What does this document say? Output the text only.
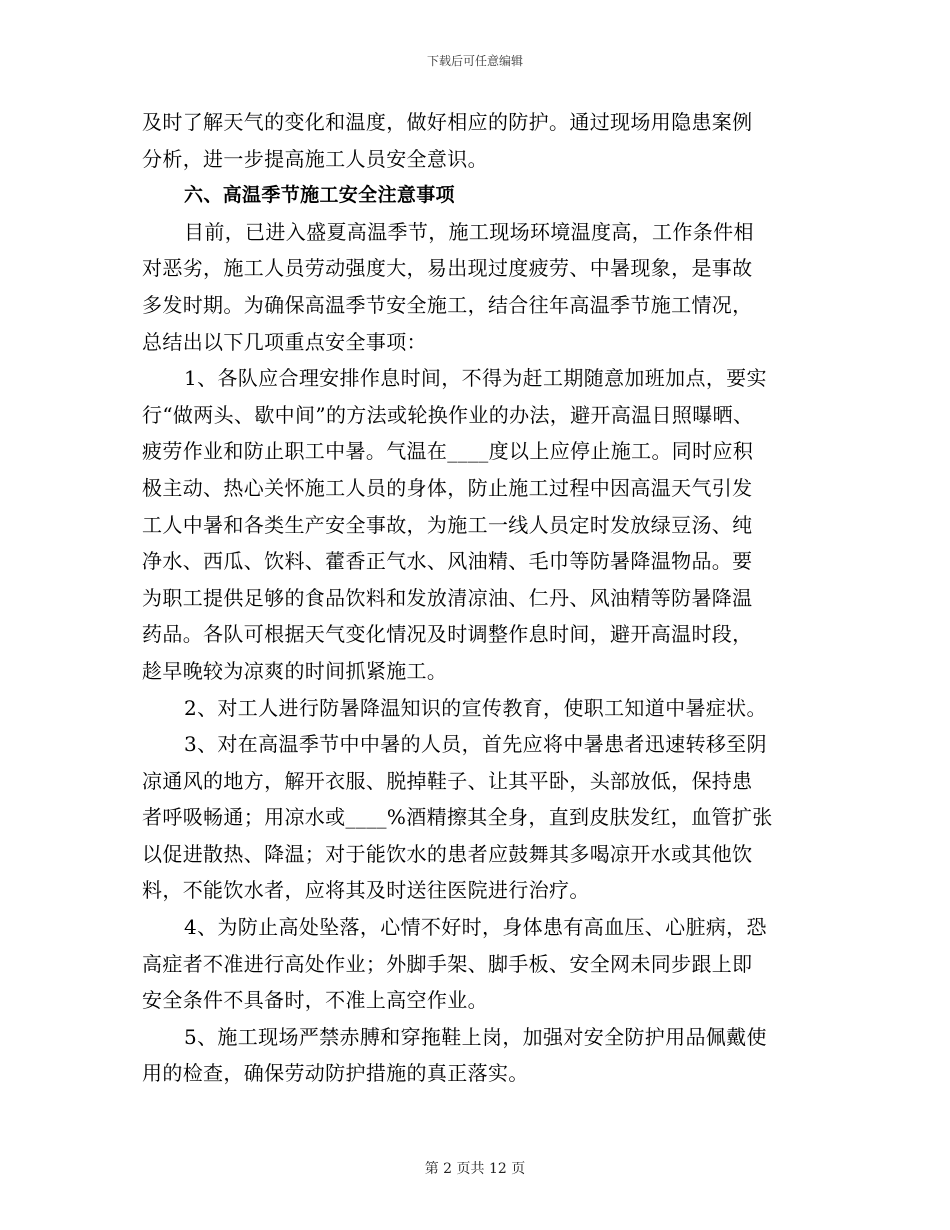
下载后可任意编辑
及时了解天气的变化和温度，做好相应的防护。通过现场用隐患案例
分析，进一步提高施工人员安全意识。
六、高温季节施工安全注意事项
目前，已进入盛夏高温季节，施工现场环境温度高，工作条件相
对恶劣，施工人员劳动强度大，易出现过度疲劳、中暑现象，是事故
多发时期。为确保高温季节安全施工，结合往年高温季节施工情况，
总结出以下几项重点安全事项：
1、各队应合理安排作息时间，不得为赶工期随意加班加点，要实
行“做两头、歇中间”的方法或轮换作业的办法，避开高温日照曝晒、
疲劳作业和防止职工中暑。气温在____度以上应停止施工。同时应积
极主动、热心关怀施工人员的身体，防止施工过程中因高温天气引发
工人中暑和各类生产安全事故，为施工一线人员定时发放绿豆汤、纯
净水、西瓜、饮料、藿香正气水、风油精、毛巾等防暑降温物品。要
为职工提供足够的食品饮料和发放清凉油、仁丹、风油精等防暑降温
药品。各队可根据天气变化情况及时调整作息时间，避开高温时段，
趁早晚较为凉爽的时间抓紧施工。
2、对工人进行防暑降温知识的宣传教育，使职工知道中暑症状。
3、对在高温季节中中暑的人员，首先应将中暑患者迅速转移至阴
凉通风的地方，解开衣服、脱掉鞋子、让其平卧，头部放低，保持患
者呼吸畅通；用凉水或____%酒精擦其全身，直到皮肤发红，血管扩张
以促进散热、降温；对于能饮水的患者应鼓舞其多喝凉开水或其他饮
料，不能饮水者，应将其及时送往医院进行治疗。
4、为防止高处坠落，心情不好时，身体患有高血压、心脏病，恐
高症者不准进行高处作业；外脚手架、脚手板、安全网未同步跟上即
安全条件不具备时，不准上高空作业。
5、施工现场严禁赤膊和穿拖鞋上岗，加强对安全防护用品佩戴使
用的检查，确保劳动防护措施的真正落实。
第 2 页共 12 页
